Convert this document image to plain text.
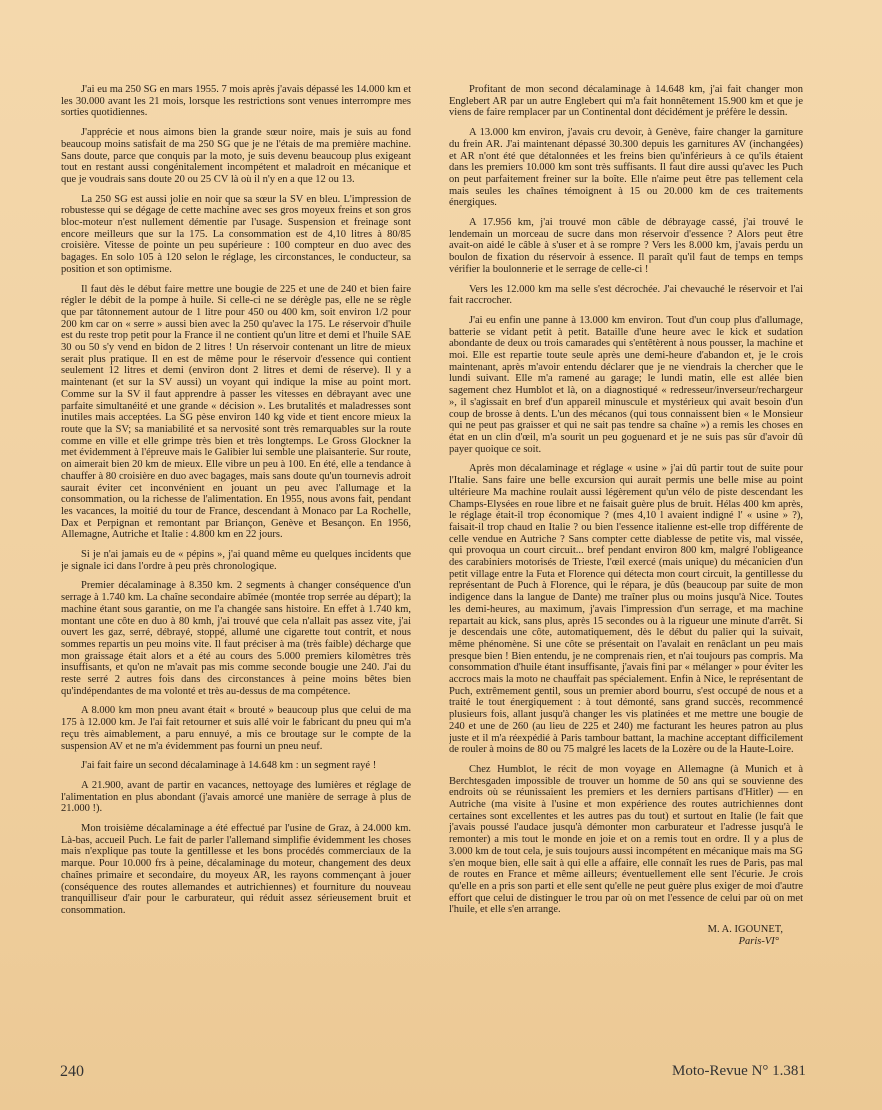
J'ai eu ma 250 SG en mars 1955. 7 mois après j'avais dépassé les 14.000 km et les 30.000 avant les 21 mois, lorsque les restrictions sont venues interrompre mes sorties quotidiennes.

J'apprécie et nous aimons bien la grande sœur noire, mais je suis au fond beaucoup moins satisfait de ma 250 SG que je ne l'étais de ma première machine. Sans doute, parce que conquis par la moto, je suis devenu beaucoup plus exigeant tout en restant aussi congénitalement incompétent et maladroit en mécanique et que je voudrais sans doute 20 ou 25 CV là où il n'y en a que 12 ou 13.

La 250 SG est aussi jolie en noir que sa sœur la SV en bleu. L'impression de robustesse qui se dégage de cette machine avec ses gros moyeux freins et son gros bloc-moteur n'est nullement démentie par l'usage. Suspension et freinage sont encore meilleurs que sur la 175. La consommation est de 4,10 litres à 80/85 croisière. Vitesse de pointe un peu supérieure : 100 compteur en duo avec des bagages. En solo 105 à 120 selon le réglage, les circonstances, le conducteur, sa position et son optimisme.

Il faut dès le début faire mettre une bougie de 225 et une de 240 et bien faire régler le débit de la pompe à huile. Si celle-ci ne se dérègle pas, elle ne se règle que par tâtonnement autour de 1 litre pour 450 ou 400 km, soit environ 1/2 pour 200 km car on « serre » aussi bien avec la 250 qu'avec la 175. Le réservoir d'huile est du reste trop petit pour la France il ne contient qu'un litre et demi et l'huile SAE 30 ou 50 s'y vend en bidon de 2 litres ! Un réservoir contenant un litre de mieux serait plus pratique. Il en est de même pour le réservoir d'essence qui contient seulement 12 litres et demi (environ dont 2 litres et demi de réserve). Il y a maintenant (et sur la SV aussi) un voyant qui indique la mise au point mort. Comme sur la SV il faut apprendre à passer les vitesses en débrayant avec une parfaite simultanéité et une grande « décision ». Les brutalités et maladresses sont inutiles mais acceptées. La SG pèse environ 140 kg vide et tient encore mieux la route que la SV; sa maniabilité et sa nervosité sont très remarquables sur la route comme en ville et elle grimpe très bien et très longtemps. Le Gross Glockner la met évidemment à l'épreuve mais le Galibier lui semble une plaisanterie. Sur route, on aimerait bien 20 km de mieux. Elle vibre un peu à 100. En été, elle a tendance à chauffer à 80 croisière en duo avec bagages, mais sans doute qu'un tournevis adroit saurait éviter cet inconvénient en jouant un peu avec l'allumage et la consommation, ou la richesse de l'alimentation. En 1955, nous avons fait, pendant les vacances, la moitié du tour de France, descendant à Monaco par La Rochelle, Dax et Perpignan et remontant par Briançon, Genève et Besançon. En 1956, Allemagne, Autriche et Italie : 4.800 km en 22 jours.

Si je n'ai jamais eu de « pépins », j'ai quand même eu quelques incidents que je signale ici dans l'ordre à peu près chronologique.

Premier décalaminage à 8.350 km. 2 segments à changer conséquence d'un serrage à 1.740 km. La chaîne secondaire abîmée (montée trop serrée au départ); la machine étant sous garantie, on me l'a changée sans histoire. En effet à 1.740 km, montant une côte en duo à 80 kmh, j'ai trouvé que cela n'allait pas assez vite, j'ai ouvert les gaz, serré, débrayé, stoppé, allumé une cigarette tout contrit, et nous sommes repartis un peu moins vite. Il faut préciser à ma (très faible) décharge que mon graissage était alors et a été au cours des 5.000 premiers kilomètres très insuffisants, et qu'on ne m'avait pas mis comme seconde bougie une 240. J'ai du reste serré 2 autres fois dans des circonstances à peine moins bêtes bien qu'indépendantes de ma volonté et très au-dessus de ma compétence.

A 8.000 km mon pneu avant était « brouté » beaucoup plus que celui de ma 175 à 12.000 km. Je l'ai fait retourner et suis allé voir le fabricant du pneu qui m'a reçu très aimablement, a paru ennuyé, a mis ce broutage sur le compte de la suspension AV et ne m'a évidemment pas fourni un pneu neuf.

J'ai fait faire un second décalaminage à 14.648 km : un segment rayé !

A 21.900, avant de partir en vacances, nettoyage des lumières et réglage de l'alimentation en plus abondant (j'avais amorcé une manière de serrage à plus de 21.000 !).

Mon troisième décalaminage a été effectué par l'usine de Graz, à 24.000 km. Là-bas, accueil Puch. Le fait de parler l'allemand simplifie évidemment les choses mais n'explique pas toute la gentillesse et les bons procédés commerciaux de la marque. Pour 10.000 frs à peine, décalaminage du moteur, changement des deux chaînes primaire et secondaire, du moyeux AR, les rayons commençant à jouer (conséquence des routes allemandes et autrichiennes) et fourniture du nouveau tranquilliseur d'air pour le carburateur, qui réduit assez sérieusement bruit et consommation.

Profitant de mon second décalaminage à 14.648 km, j'ai fait changer mon Englebert AR par un autre Englebert qui m'a fait honnêtement 15.900 km et que je viens de faire remplacer par un Continental dont décidément je préfère le dessin.

A 13.000 km environ, j'avais cru devoir, à Genève, faire changer la garniture du frein AR. J'ai maintenant dépassé 30.300 depuis les garnitures AV (inchangées) et AR n'ont été que détalonnées et les freins bien qu'inférieurs à ce qu'ils étaient dans les premiers 10.000 km sont très suffisants. Il faut dire aussi qu'avec les Puch on peut parfaitement freiner sur la boîte. Elle n'aime peut être pas tellement cela mais seules les chaînes témoignent à 15 ou 20.000 km de ces traitements énergiques.

A 17.956 km, j'ai trouvé mon câble de débrayage cassé, j'ai trouvé le lendemain un morceau de sucre dans mon réservoir d'essence ? Alors peut être avait-on aidé le câble à s'user et à se rompre ? Vers les 8.000 km, j'avais perdu un boulon de fixation du réservoir à essence. Il paraît qu'il faut de temps en temps vérifier la boulonnerie et le serrage de celle-ci !

Vers les 12.000 km ma selle s'est décrochée. J'ai chevauché le réservoir et l'ai fait raccrocher.

J'ai eu enfin une panne à 13.000 km environ. Tout d'un coup plus d'allumage, batterie se vidant petit à petit. Bataille d'une heure avec le kick et sudation abondante de deux ou trois camarades qui s'entêtèrent à nous pousser, la machine et moi. Elle est repartie toute seule après une demi-heure d'abandon et, je le crois maintenant, après m'avoir entendu déclarer que je ne viendrais la chercher que le lundi suivant. Elle m'a ramené au garage; le lundi matin, elle est allée bien sagement chez Humblot et là, on a diagnostiqué « redresseur/inverseur/rechargeur », il s'agissait en bref d'un appareil minuscule et mystérieux qui avait besoin d'un coup de brosse à dents. L'un des mécanos (qui tous connaissent bien « le Monsieur qui ne peut pas graisser et qui ne sait pas tendre sa chaîne ») a remis les choses en état en un clin d'œil, m'a sourit un peu goguenard et je ne suis pas sûr d'avoir dû payer quoique ce soit.

Après mon décalaminage et réglage « usine » j'ai dû partir tout de suite pour l'Italie. Sans faire une belle excursion qui aurait permis une belle mise au point ultérieure Ma machine roulait aussi légèrement qu'un vélo de piste descendant les Champs-Elysées en roue libre et ne faisait guère plus de bruit. Hélas 400 km après, le réglage était-il trop économique ? (mes 4,10 l avaient indigné l' « usine » ?), faisait-il trop chaud en Italie ? ou bien l'essence italienne est-elle trop différente de celle vendue en Autriche ? Sans compter cette diablesse de petite vis, mal vissée, qui provoqua un court circuit... bref pendant environ 800 km, malgré l'obligeance des carabiniers motorisés de Trieste, l'œil exercé (mais unique) du mécanicien d'un petit village entre la Futa et Florence qui détecta mon court circuit, la gentillesse du représentant de Puch à Florence, qui le répara, je dûs (beaucoup par suite de mon indigence dans la langue de Dante) me traîner plus ou moins jusqu'à Nice. Toutes les demi-heures, au maximum, j'avais l'impression d'un serrage, et ma machine repartait au kick, sans plus, après 15 secondes ou à la rigueur une minute d'arrêt. Si je descendais une côte, automatiquement, dès le début du palier qui la suivait, même phénomène. Si une côte se présentait on l'avalait en renâclant un peu mais presque bien ! Bien entendu, je ne comprenais rien, et n'ai toujours pas compris. Ma consommation d'huile étant insuffisante, j'avais fini par « mélanger » pour éviter les accrocs mais la moto ne chauffait pas spécialement. Enfin à Nice, le représentant de Puch, extrêmement gentil, sous un premier abord bourru, s'est occupé de nous et a traité le tout énergiquement : à tout démonté, sans grand succès, recommencé plusieurs fois, allant jusqu'à changer les vis platinées et me mettre une bougie de 240 et une de 260 (au lieu de 225 et 240) me facturant les heures patron au plus juste et il m'a réexpédié à Paris tambour battant, la machine acceptant difficilement de rouler à moins de 80 ou 75 malgré les lacets de la Lozère ou de la Haute-Loire.

Chez Humblot, le récit de mon voyage en Allemagne (à Munich et à Berchtesgaden impossible de trouver un homme de 50 ans qui se souvienne des endroits où se réunissaient les premiers et les derniers partisans d'Hitler) — en Autriche (ma visite à l'usine et mon expérience des routes autrichiennes dont certaines sont excellentes et les autres pas du tout) et surtout en Italie (le fait que j'avais poussé l'audace jusqu'à démonter mon carburateur et l'adresse jusqu'à le remonter) a mis tout le monde en joie et on a remis tout en ordre. Il y a plus de 3.000 km de tout cela, je suis toujours aussi incompétent en mécanique mais ma SG s'en moque bien, elle sait à qui elle a affaire, elle connaît les rues de Paris, pas mal de routes en France et même ailleurs; éventuellement elle sent l'écurie. Je crois qu'elle en a pris son parti et elle sent qu'elle ne peut guère plus exiger de moi d'autre effort que celui de distinguer le trou par où on met l'essence de celui par où on met l'huile, et elle s'en arrange.

M. A. IGOUNET,
Paris-VI°
240	Moto-Revue N° 1.381
